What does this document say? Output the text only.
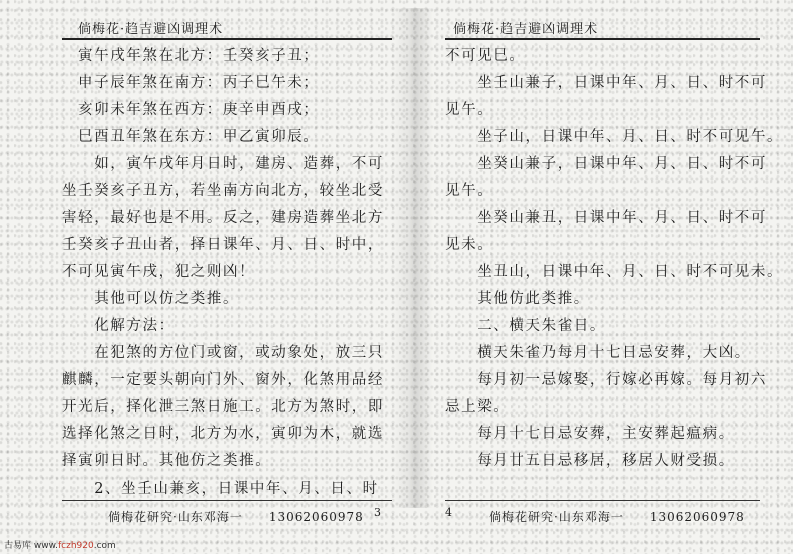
倘梅花·趋吉避凶调理术
寅午戌年煞在北方：壬癸亥子丑；
申子辰年煞在南方：丙子巳午未；
亥卯未年煞在西方：庚辛申酉戌；
巳酉丑年煞在东方：甲乙寅卯辰。
　　如，寅午戌年月日时，建房、造葬，不可
坐壬癸亥子丑方，若坐南方向北方，较坐北受
害轻，最好也是不用。反之，建房造葬坐北方
壬癸亥子丑山者，择日课年、月、日、时中，
不可见寅午戌，犯之则凶！
　　其他可以仿之类推。
　　化解方法：
　　在犯煞的方位门或窗，或动象处，放三只
麒麟，一定要头朝向门外、窗外，化煞用品经
开光后，择化泄三煞日施工。北方为煞时，即
选择化煞之日时，北方为水，寅卯为木，就选
择寅卯日时。其他仿之类推。
　　2、坐壬山兼亥，日课中年、月、日、时
倘梅花研究·山东邓海一　　13062060978 3
倘梅花·趋吉避凶调理术
不可见巳。
　　坐壬山兼子，日课中年、月、日、时不可
见午。
　　坐子山，日课中年、月、日、时不可见午。
　　坐癸山兼子，日课中年、月、日、时不可
见午。
　　坐癸山兼丑，日课中年、月、日、时不可
见未。
　　坐丑山，日课中年、月、日、时不可见未。
　　其他仿此类推。
　　二、横天朱雀日。
　　横天朱雀乃每月十七日忌安葬，大凶。
　　每月初一忌嫁娶，行嫁必再嫁。每月初六
忌上梁。
　　每月十七日忌安葬，主安葬起瘟病。
　　每月廿五日忌移居，移居人财受损。
倘梅花研究·山东邓海一　　13062060978
4
古易库 www.fczh920.com
